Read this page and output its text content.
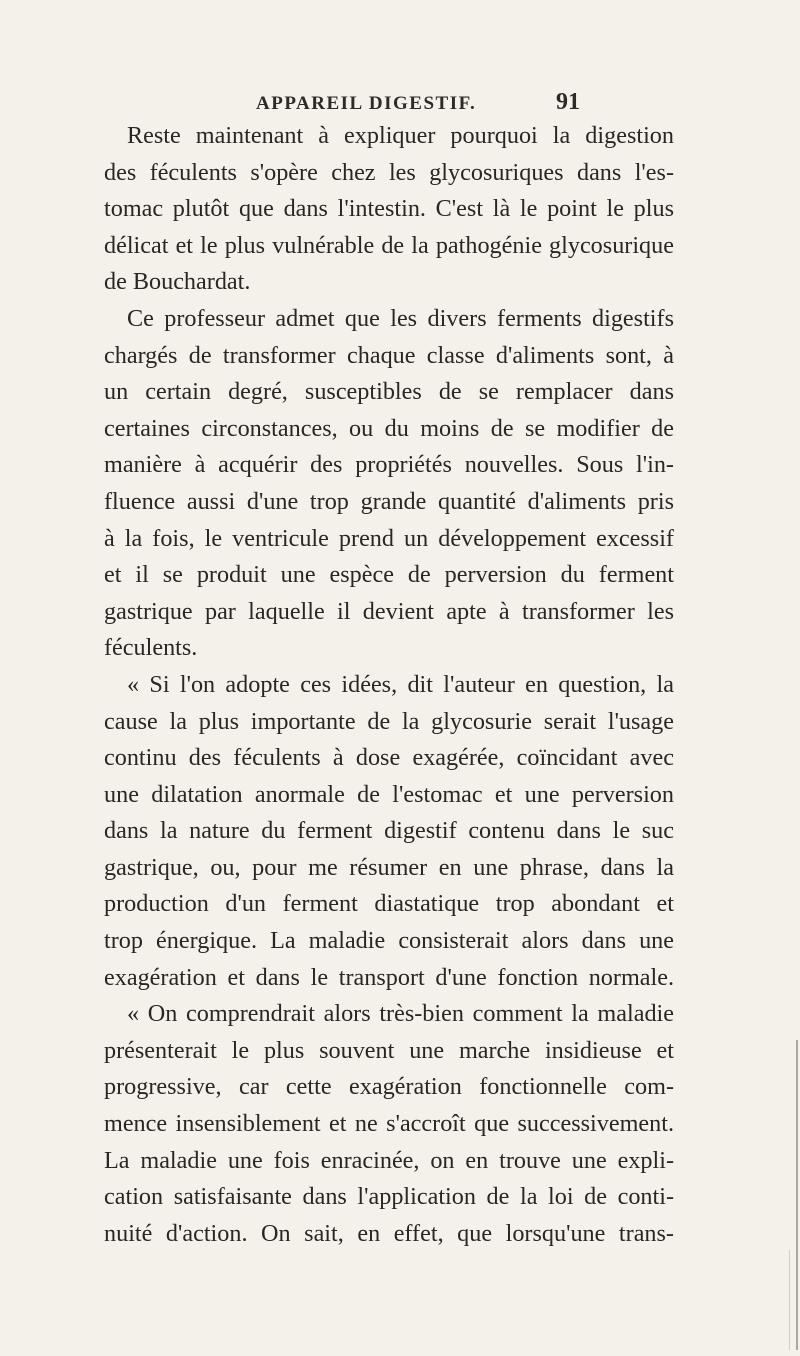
APPAREIL DIGESTIF.	91
Reste maintenant à expliquer pourquoi la digestion
des féculents s'opère chez les glycosuriques dans l'es-
tomac plutôt que dans l'intestin. C'est là le point le plus
délicat et le plus vulnérable de la pathogénie glycosurique
de Bouchardat.
Ce professeur admet que les divers ferments digestifs
chargés de transformer chaque classe d'aliments sont, à
un certain degré, susceptibles de se remplacer dans
certaines circonstances, ou du moins de se modifier de
manière à acquérir des propriétés nouvelles. Sous l'in-
fluence aussi d'une trop grande quantité d'aliments pris
à la fois, le ventricule prend un développement excessif
et il se produit une espèce de perversion du ferment
gastrique par laquelle il devient apte à transformer les
féculents.
« Si l'on adopte ces idées, dit l'auteur en question, la
cause la plus importante de la glycosurie serait l'usage
continu des féculents à dose exagérée, coïncidant avec
une dilatation anormale de l'estomac et une perversion
dans la nature du ferment digestif contenu dans le suc
gastrique, ou, pour me résumer en une phrase, dans la
production d'un ferment diastatique trop abondant et
trop énergique. La maladie consisterait alors dans une
exagération et dans le transport d'une fonction normale.
« On comprendrait alors très-bien comment la maladie
présenterait le plus souvent une marche insidieuse et
progressive, car cette exagération fonctionnelle com-
mence insensiblement et ne s'accroît que successivement.
La maladie une fois enracinée, on en trouve une expli-
cation satisfaisante dans l'application de la loi de conti-
nuité d'action. On sait, en effet, que lorsqu'une trans-
